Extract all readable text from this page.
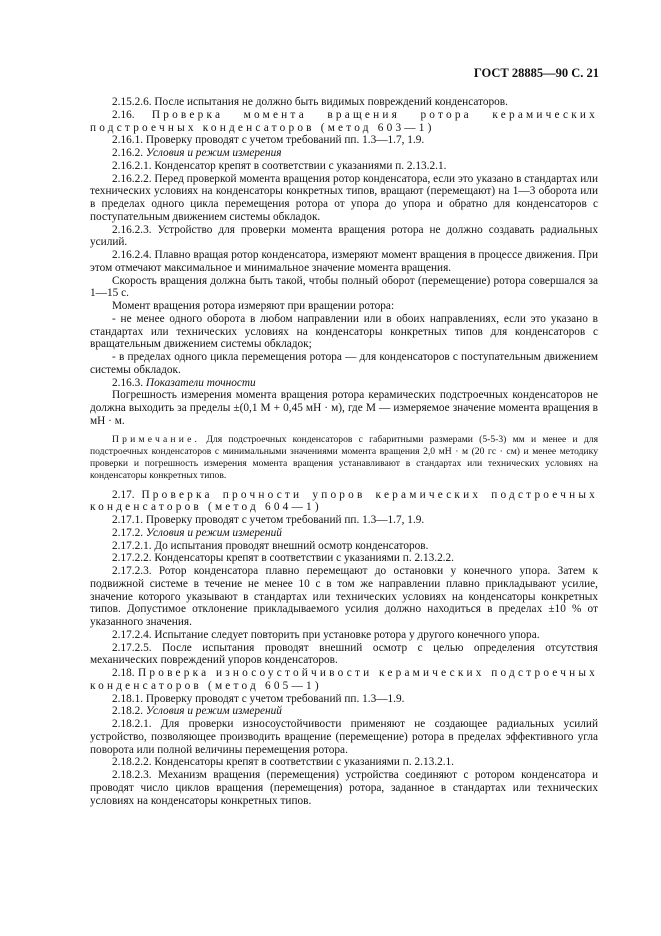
ГОСТ 28885—90 С. 21

2.15.2.6. После испытания не должно быть видимых повреждений конденсаторов.

2.16. Проверка момента вращения ротора керамических подстроечных конденсаторов (метод 603—1)

2.16.1. Проверку проводят с учетом требований пп. 1.3—1.7, 1.9.

2.16.2. Условия и режим измерения

2.16.2.1. Конденсатор крепят в соответствии с указаниями п. 2.13.2.1.

2.16.2.2. Перед проверкой момента вращения ротор конденсатора, если это указано в стандартах или технических условиях на конденсаторы конкретных типов, вращают (перемещают) на 1—3 оборота или в пределах одного цикла перемещения ротора от упора до упора и обратно для конденсаторов с поступательным движением системы обкладок.

2.16.2.3. Устройство для проверки момента вращения ротора не должно создавать радиальных усилий.

2.16.2.4. Плавно вращая ротор конденсатора, измеряют момент вращения в процессе движения. При этом отмечают максимальное и минимальное значение момента вращения.

Скорость вращения должна быть такой, чтобы полный оборот (перемещение) ротора совершался за 1—15 с.

Момент вращения ротора измеряют при вращении ротора:

- не менее одного оборота в любом направлении или в обоих направлениях, если это указано в стандартах или технических условиях на конденсаторы конкретных типов для конденсаторов с вращательным движением системы обкладок;

- в пределах одного цикла перемещения ротора — для конденсаторов с поступательным движением системы обкладок.

2.16.3. Показатели точности

Погрешность измерения момента вращения ротора керамических подстроечных конденсаторов не должна выходить за пределы ±(0,1 M + 0,45 мН · м), где M — измеряемое значение момента вращения в мН · м.

Примечание. Для подстроечных конденсаторов с габаритными размерами (5-5-3) мм и менее и для подстроечных конденсаторов с минимальными значениями момента вращения 2,0 мН · м (20 гс · см) и менее методику проверки и погрешность измерения момента вращения устанавливают в стандартах или технических условиях на конденсаторы конкретных типов.

2.17. Проверка прочности упоров керамических подстроечных конденсаторов (метод 604—1)

2.17.1. Проверку проводят с учетом требований пп. 1.3—1.7, 1.9.

2.17.2. Условия и режим измерений

2.17.2.1. До испытания проводят внешний осмотр конденсаторов.

2.17.2.2. Конденсаторы крепят в соответствии с указаниями п. 2.13.2.2.

2.17.2.3. Ротор конденсатора плавно перемещают до остановки у конечного упора. Затем к подвижной системе в течение не менее 10 с в том же направлении плавно прикладывают усилие, значение которого указывают в стандартах или технических условиях на конденсаторы конкретных типов. Допустимое отклонение прикладываемого усилия должно находиться в пределах ±10 % от указанного значения.

2.17.2.4. Испытание следует повторить при установке ротора у другого конечного упора.

2.17.2.5. После испытания проводят внешний осмотр с целью определения отсутствия механических повреждений упоров конденсаторов.

2.18. Проверка износоустойчивости керамических подстроечных конденсаторов (метод 605—1)

2.18.1. Проверку проводят с учетом требований пп. 1.3—1.9.

2.18.2. Условия и режим измерений

2.18.2.1. Для проверки износоустойчивости применяют не создающее радиальных усилий устройство, позволяющее производить вращение (перемещение) ротора в пределах эффективного угла поворота или полной величины перемещения ротора.

2.18.2.2. Конденсаторы крепят в соответствии с указаниями п. 2.13.2.1.

2.18.2.3. Механизм вращения (перемещения) устройства соединяют с ротором конденсатора и проводят число циклов вращения (перемещения) ротора, заданное в стандартах или технических условиях на конденсаторы конкретных типов.
